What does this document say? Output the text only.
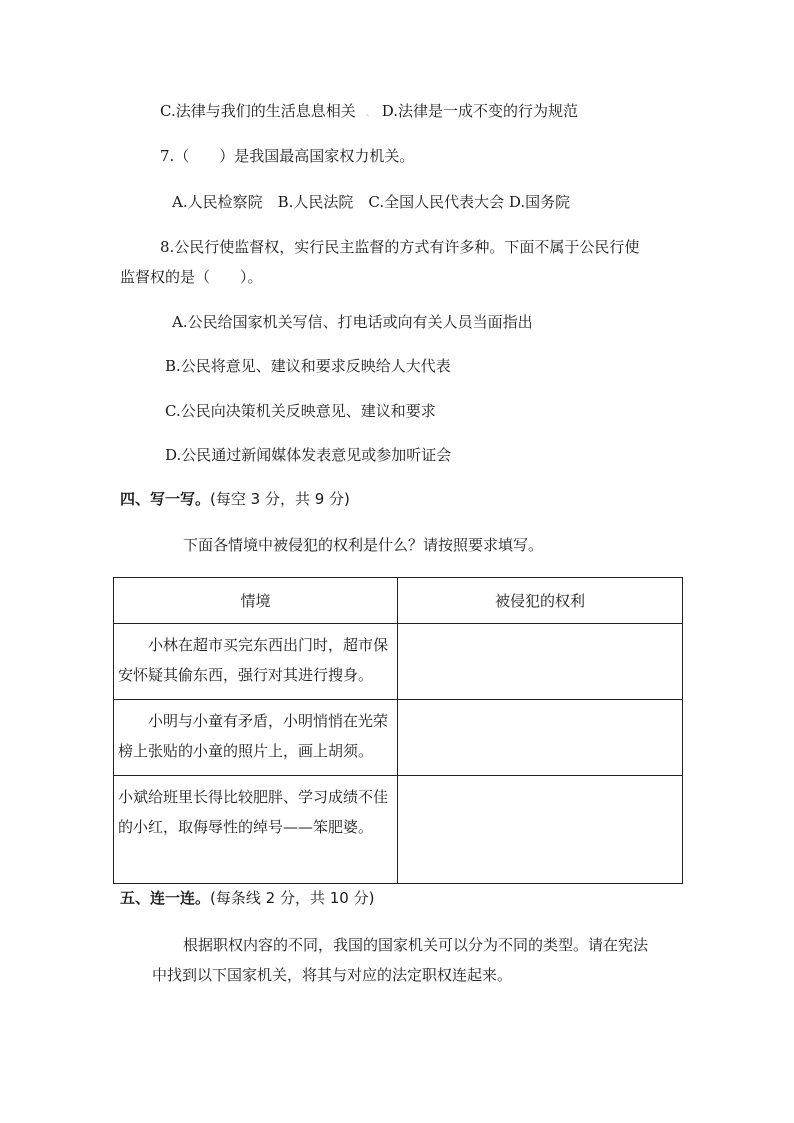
C.法律与我们的生活息息相关 、 D.法律是一成不变的行为规范
7.（　　）是我国最高国家权力机关。
A.人民检察院　B.人民法院　C.全国人民代表大会 D.国务院
8.公民行使监督权，实行民主监督的方式有许多种。下面不属于公民行使
监督权的是（　　）。
A.公民给国家机关写信、打电话或向有关人员当面指出
B.公民将意见、建议和要求反映给人大代表
C.公民向决策机关反映意见、建议和要求
D.公民通过新闻媒体发表意见或参加听证会
四、写一写。(每空 3 分，共 9 分)
下面各情境中被侵犯的权利是什么？请按照要求填写。
情境	被侵犯的权利
小林在超市买完东西出门时，超市保安怀疑其偷东西，强行对其进行搜身。	
小明与小童有矛盾，小明悄悄在光荣榜上张贴的小童的照片上，画上胡须。	
小斌给班里长得比较肥胖、学习成绩不佳的小红，取侮辱性的绰号——笨肥婆。	
五、连一连。(每条线 2 分，共 10 分)
根据职权内容的不同，我国的国家机关可以分为不同的类型。请在宪法
中找到以下国家机关，将其与对应的法定职权连起来。
